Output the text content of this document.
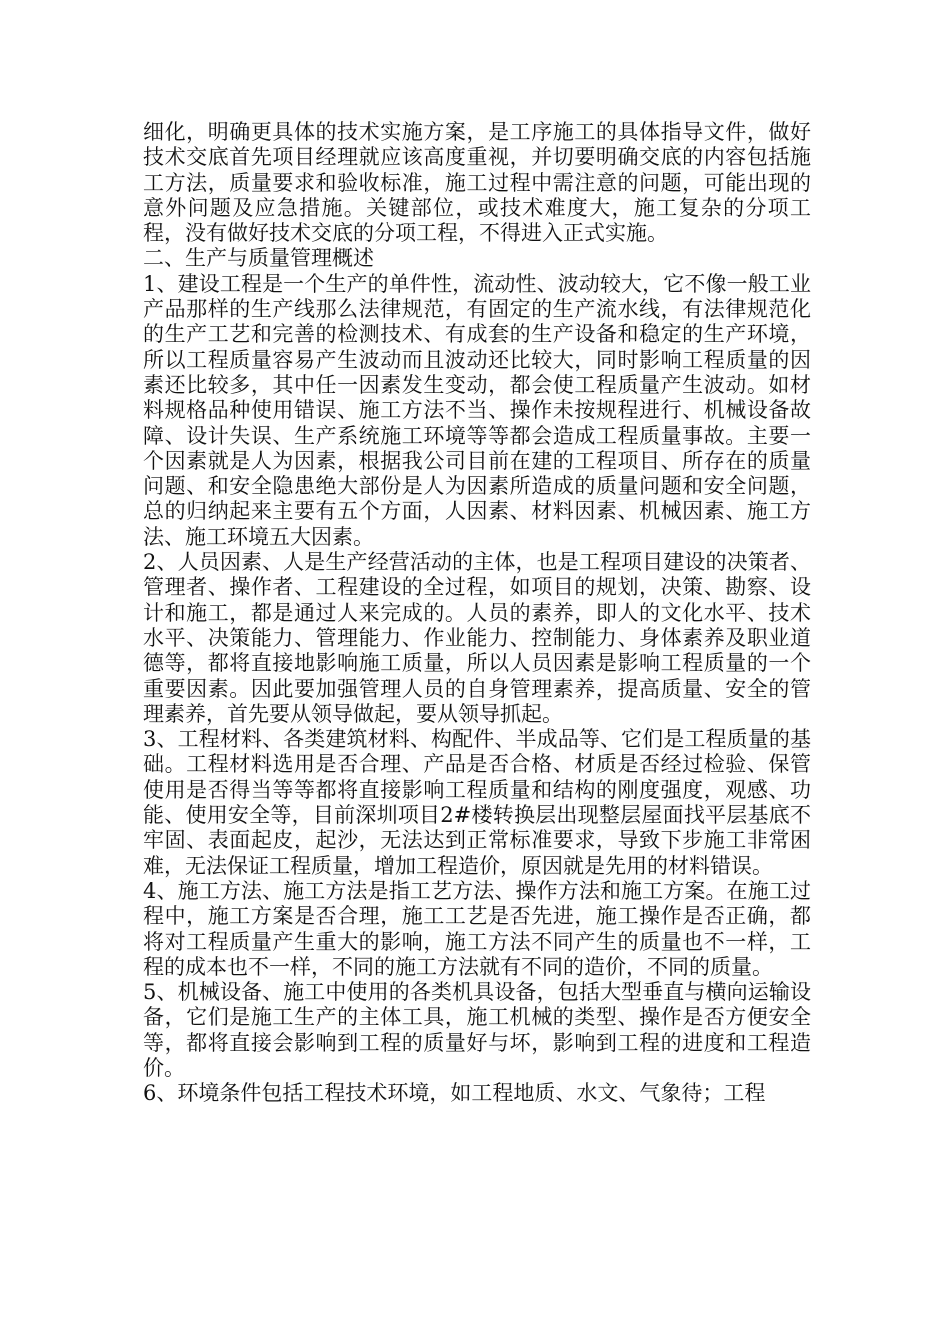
细化，明确更具体的技术实施方案，是工序施工的具体指导文件，做好技术交底首先项目经理就应该高度重视，并切要明确交底的内容包括施工方法，质量要求和验收标准，施工过程中需注意的问题，可能出现的意外问题及应急措施。关键部位，或技术难度大，施工复杂的分项工程，没有做好技术交底的分项工程，不得进入正式实施。

二、生产与质量管理概述

1、建设工程是一个生产的单件性，流动性、波动较大，它不像一般工业产品那样的生产线那么法律规范，有固定的生产流水线，有法律规范化的生产工艺和完善的检测技术、有成套的生产设备和稳定的生产环境，所以工程质量容易产生波动而且波动还比较大，同时影响工程质量的因素还比较多，其中任一因素发生变动，都会使工程质量产生波动。如材料规格品种使用错误、施工方法不当、操作未按规程进行、机械设备故障、设计失误、生产系统施工环境等等都会造成工程质量事故。主要一个因素就是人为因素，根据我公司目前在建的工程项目、所存在的质量问题、和安全隐患绝大部份是人为因素所造成的质量问题和安全问题，总的归纳起来主要有五个方面，人因素、材料因素、机械因素、施工方法、施工环境五大因素。

2、人员因素、人是生产经营活动的主体，也是工程项目建设的决策者、管理者、操作者、工程建设的全过程，如项目的规划，决策、勘察、设计和施工，都是通过人来完成的。人员的素养，即人的文化水平、技术水平、决策能力、管理能力、作业能力、控制能力、身体素养及职业道德等，都将直接地影响施工质量，所以人员因素是影响工程质量的一个重要因素。因此要加强管理人员的自身管理素养，提高质量、安全的管理素养，首先要从领导做起，要从领导抓起。

3、工程材料、各类建筑材料、构配件、半成品等、它们是工程质量的基础。工程材料选用是否合理、产品是否合格、材质是否经过检验、保管使用是否得当等等都将直接影响工程质量和结构的刚度强度，观感、功能、使用安全等，目前深圳项目2#楼转换层出现整层屋面找平层基底不牢固、表面起皮，起沙，无法达到正常标准要求，导致下步施工非常困难，无法保证工程质量，增加工程造价，原因就是先用的材料错误。

4、施工方法、施工方法是指工艺方法、操作方法和施工方案。在施工过程中，施工方案是否合理，施工工艺是否先进，施工操作是否正确，都将对工程质量产生重大的影响，施工方法不同产生的质量也不一样，工程的成本也不一样，不同的施工方法就有不同的造价，不同的质量。

5、机械设备、施工中使用的各类机具设备，包括大型垂直与横向运输设备，它们是施工生产的主体工具，施工机械的类型、操作是否方便安全等，都将直接会影响到工程的质量好与坏，影响到工程的进度和工程造价。

6、环境条件包括工程技术环境，如工程地质、水文、气象待；工程
